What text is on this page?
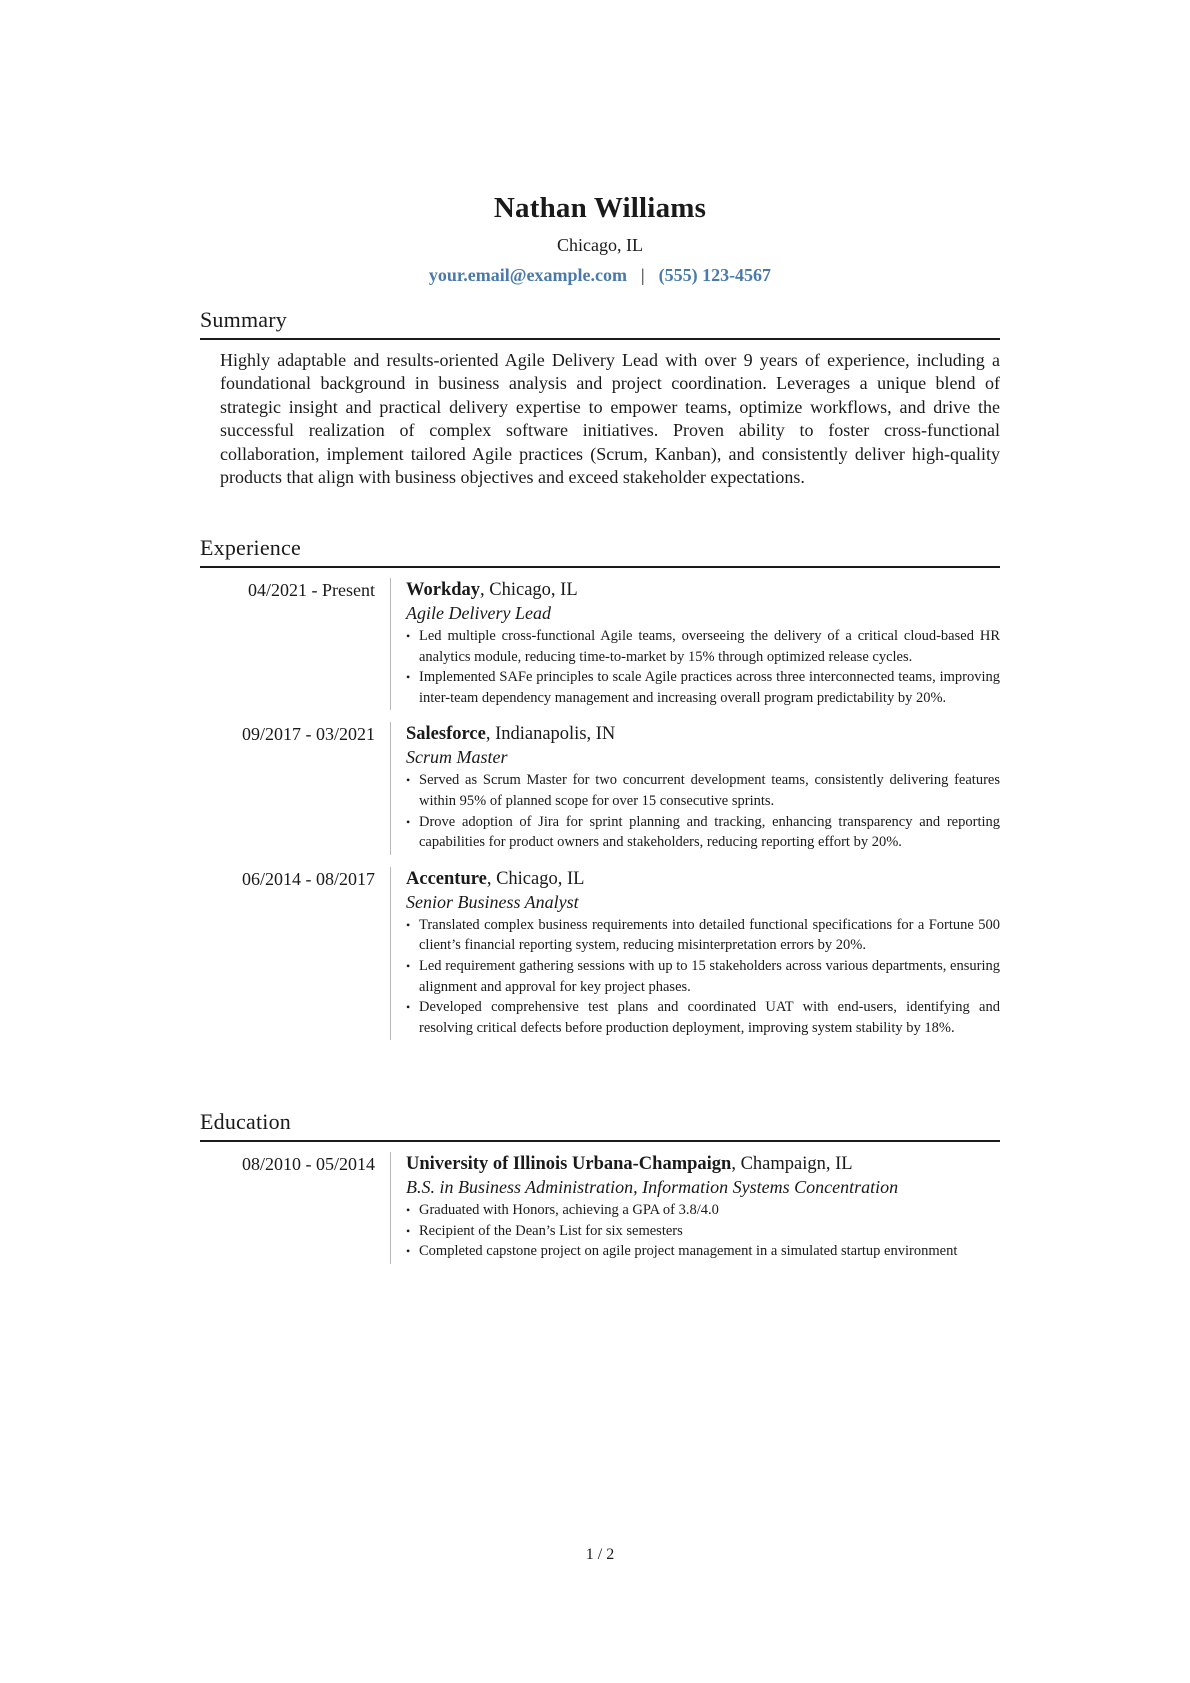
Nathan Williams
Chicago, IL
your.email@example.com | (555) 123-4567
Summary
Highly adaptable and results-oriented Agile Delivery Lead with over 9 years of experience, including a foundational background in business analysis and project coordination. Leverages a unique blend of strategic insight and practical delivery expertise to empower teams, optimize workflows, and drive the successful realization of complex software initiatives. Proven ability to foster cross-functional collaboration, implement tailored Agile practices (Scrum, Kanban), and consistently deliver high-quality products that align with business objectives and exceed stakeholder expectations.
Experience
04/2021 - Present	Workday, Chicago, IL
Agile Delivery Lead
• Led multiple cross-functional Agile teams, overseeing the delivery of a critical cloud-based HR analytics module, reducing time-to-market by 15% through optimized release cycles.
• Implemented SAFe principles to scale Agile practices across three interconnected teams, improving inter-team dependency management and increasing overall program predictability by 20%.
09/2017 - 03/2021	Salesforce, Indianapolis, IN
Scrum Master
• Served as Scrum Master for two concurrent development teams, consistently delivering features within 95% of planned scope for over 15 consecutive sprints.
• Drove adoption of Jira for sprint planning and tracking, enhancing transparency and reporting capabilities for product owners and stakeholders, reducing reporting effort by 20%.
06/2014 - 08/2017	Accenture, Chicago, IL
Senior Business Analyst
• Translated complex business requirements into detailed functional specifications for a Fortune 500 client’s financial reporting system, reducing misinterpretation errors by 20%.
• Led requirement gathering sessions with up to 15 stakeholders across various departments, ensuring alignment and approval for key project phases.
• Developed comprehensive test plans and coordinated UAT with end-users, identifying and resolving critical defects before production deployment, improving system stability by 18%.
Education
08/2010 - 05/2014	University of Illinois Urbana-Champaign, Champaign, IL
B.S. in Business Administration, Information Systems Concentration
• Graduated with Honors, achieving a GPA of 3.8/4.0
• Recipient of the Dean’s List for six semesters
• Completed capstone project on agile project management in a simulated startup environment
1 / 2
